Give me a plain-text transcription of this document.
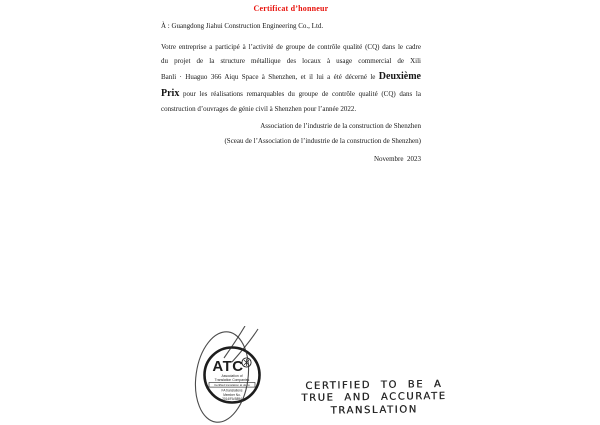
Certificat d’honneur
À : Guangdong Jiahui Construction Engineering Co., Ltd.
Votre entreprise a participé à l’activité de groupe de contrôle qualité (CQ) dans le cadre
du projet de la structure métallique des locaux à usage commercial de Xili
Banli · Huaguo 366 Aiqu Space à Shenzhen, et il lui a été décerné le Deuxième
Prix pour les réalisations remarquables du groupe de contrôle qualité (CQ) dans la
construction d’ouvrages de génie civil à Shenzhen pour l’année 2022.
Association de l’industrie de la construction de Shenzhen
(Sceau de l’Association de l’industrie de la construction de Shenzhen)
Novembre  2023
ATC
Association of
Translation Companies
Certified translation at uk.co
FA translations
Member No.
2014/FA/5894
CERTIFIED TO BE A
TRUE AND ACCURATE
TRANSLATION
